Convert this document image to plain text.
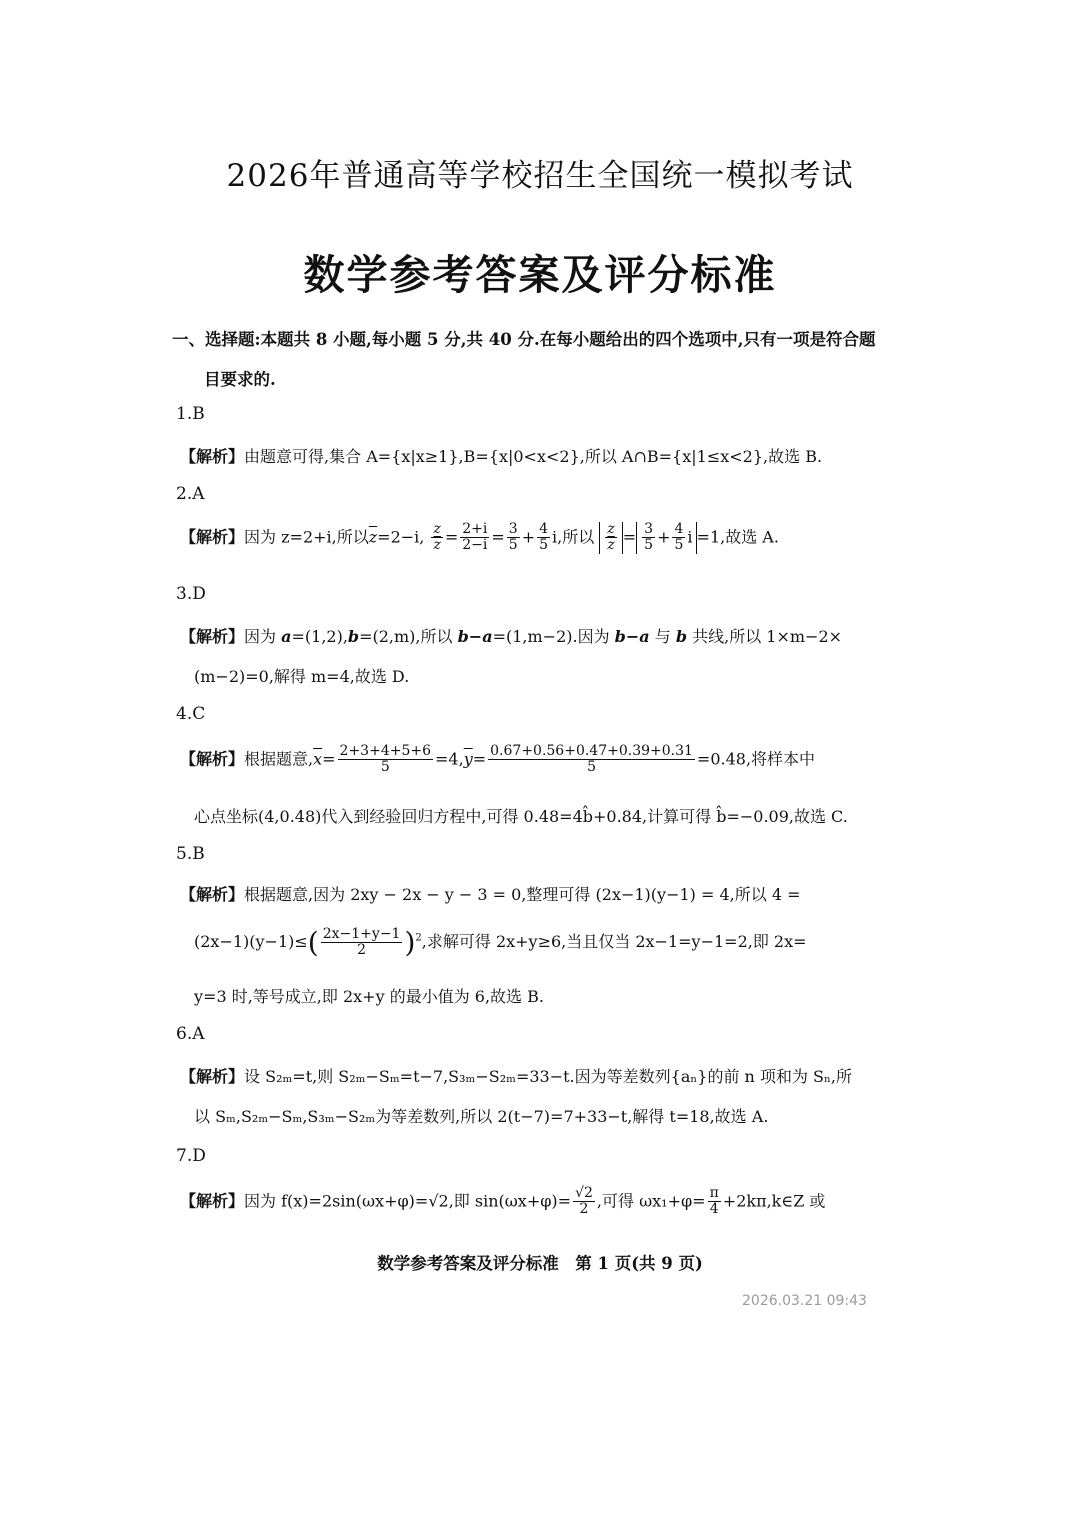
2026年普通高等学校招生全国统一模拟考试
数学参考答案及评分标准
一、选择题:本题共 8 小题,每小题 5 分,共 40 分.在每小题给出的四个选项中,只有一项是符合题
目要求的.
1.B
【解析】由题意可得,集合 A={x|x≥1},B={x|0<x<2},所以 A∩B={x|1≤x<2},故选 B.
2.A
【解析】因为 z=2+i,所以$\overline{z}=2-i$, $\frac{z}{z} = \frac{2+i}{2-i} = \frac{3}{5} + \frac{4}{5} i$,所以 $\frac{z}{z} = \frac{3}{5} + \frac{4}{5}$ i =1,故选 A.
3.D
【解析】因为 a=(1,2),b=(2,m),所以 b−a=(1,m−2).因为 b−a 与 b 共线,所以 1×m−2×
(m−2)=0,解得 m=4,故选 D.
4.C
【解析】根据题意$,\overline{x}= \frac{2+3+4+5+6}{5} =4,\overline{y}= \frac{0.67+0.56+0.47+0.39+0.31}{5} =0.48$,将样本中
心点坐标(4,0.48)代入到经验回归方程中,可得 0.48=4b̂+0.84,计算可得 b̂=−0.09,故选 C.
5.B
【解析】根据题意,因为 2xy − 2x − y − 3 = 0,整理可得 (2x−1)(y−1) = 4,所以 4 =
$(2x-1)(y-1)\le( \frac{2x-1+y-1}{2} )^2$,求解可得 2x+y≥6,当且仅当 2x−1=y−1=2,即 2x=
y=3 时,等号成立,即 2x+y 的最小值为 6,故选 B.
6.A
【解析】设 S₂ₘ=t,则 S₂ₘ−Sₘ=t−7,S₃ₘ−S₂ₘ=33−t.因为等差数列{aₙ}的前 n 项和为 Sₙ,所
以 Sₘ,S₂ₘ−Sₘ,S₃ₘ−S₂ₘ为等差数列,所以 2(t−7)=7+33−t,解得 t=18,故选 A.
7.D
【解析】因为 f(x)=2sin(ωx+φ)=√2,即 $\sin(\omega x+\varphi)= \frac{√2}{2}$ ,可得 $\omega x_1+\varphi= \frac{\pi}{4}$ +2kπ,k∈Z 或
数学参考答案及评分标准　第 1 页(共 9 页)
2026.03.21 09:43
